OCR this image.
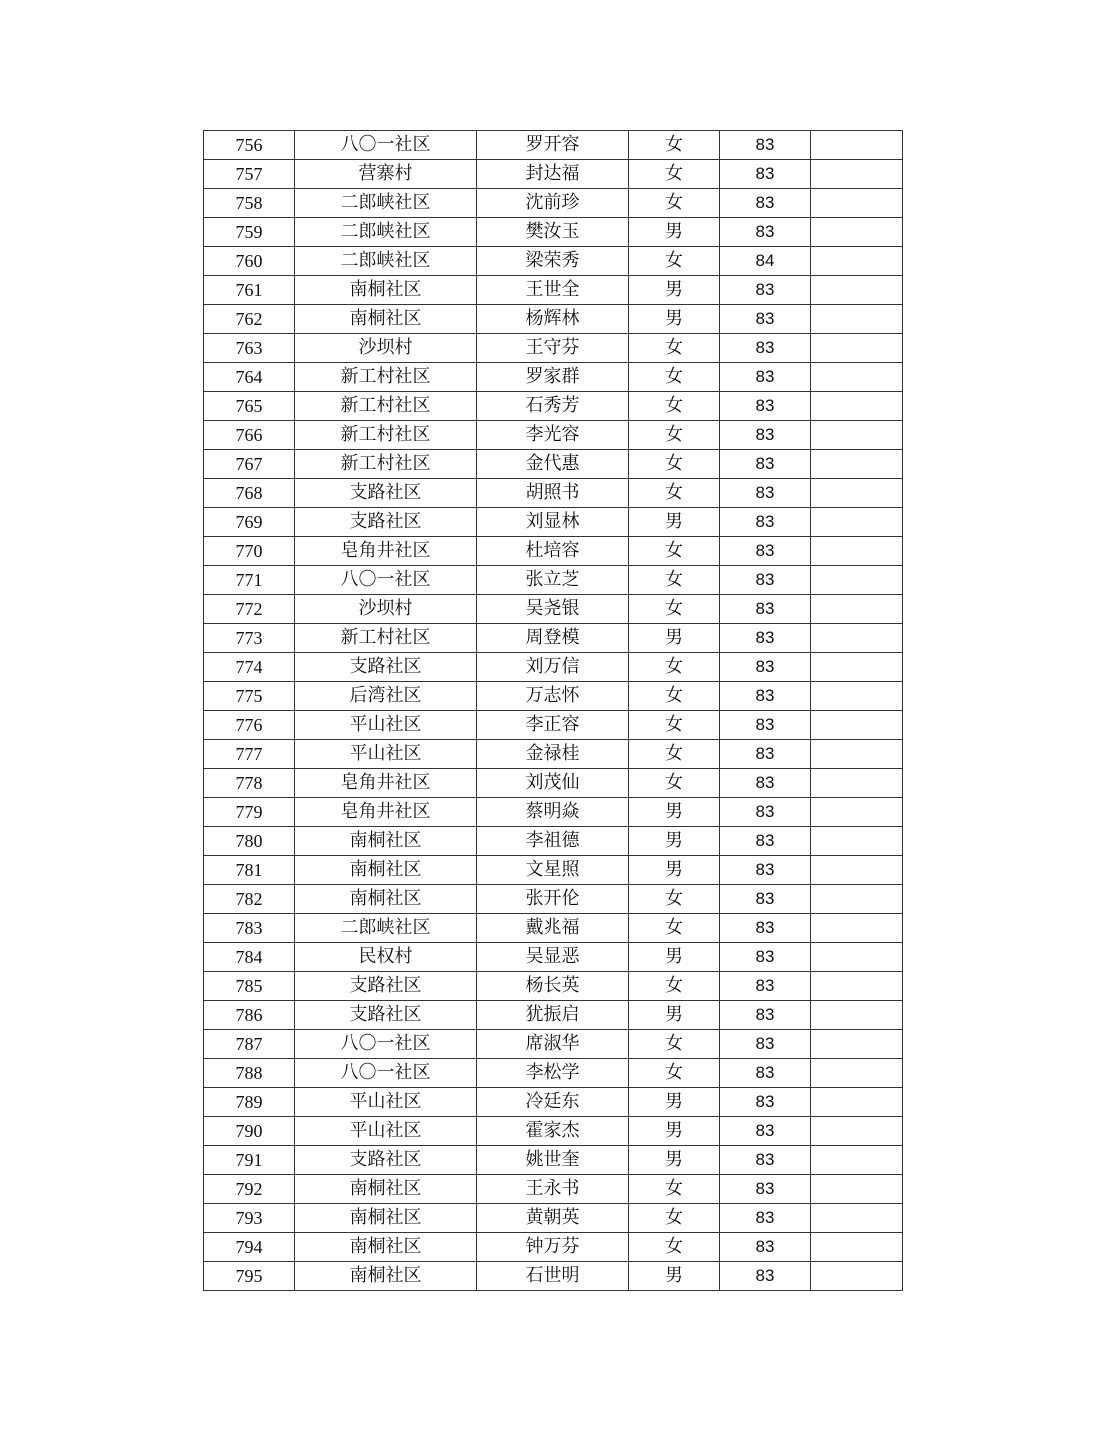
756	八〇一社区	罗开容	女	83	
757	营寨村	封达福	女	83	
758	二郎峡社区	沈前珍	女	83	
759	二郎峡社区	樊汝玉	男	83	
760	二郎峡社区	梁荣秀	女	84	
761	南桐社区	王世全	男	83	
762	南桐社区	杨辉林	男	83	
763	沙坝村	王守芬	女	83	
764	新工村社区	罗家群	女	83	
765	新工村社区	石秀芳	女	83	
766	新工村社区	李光容	女	83	
767	新工村社区	金代惠	女	83	
768	支路社区	胡照书	女	83	
769	支路社区	刘显林	男	83	
770	皂角井社区	杜培容	女	83	
771	八〇一社区	张立芝	女	83	
772	沙坝村	吴尧银	女	83	
773	新工村社区	周登模	男	83	
774	支路社区	刘万信	女	83	
775	后湾社区	万志怀	女	83	
776	平山社区	李正容	女	83	
777	平山社区	金禄桂	女	83	
778	皂角井社区	刘茂仙	女	83	
779	皂角井社区	蔡明焱	男	83	
780	南桐社区	李祖德	男	83	
781	南桐社区	文星照	男	83	
782	南桐社区	张开伦	女	83	
783	二郎峡社区	戴兆福	女	83	
784	民权村	吴显恶	男	83	
785	支路社区	杨长英	女	83	
786	支路社区	犹振启	男	83	
787	八〇一社区	席淑华	女	83	
788	八〇一社区	李松学	女	83	
789	平山社区	冷廷东	男	83	
790	平山社区	霍家杰	男	83	
791	支路社区	姚世奎	男	83	
792	南桐社区	王永书	女	83	
793	南桐社区	黄朝英	女	83	
794	南桐社区	钟万芬	女	83	
795	南桐社区	石世明	男	83	
